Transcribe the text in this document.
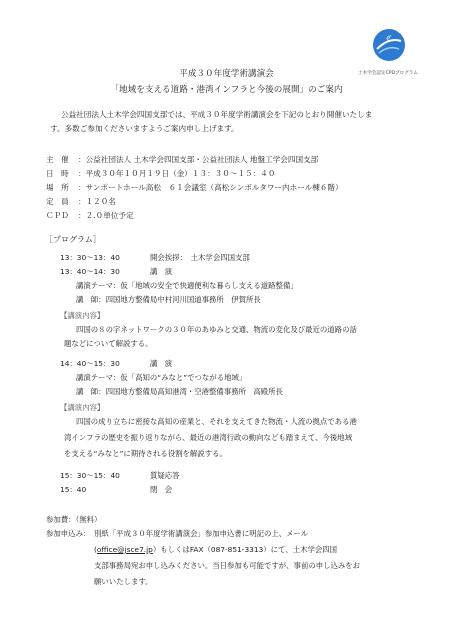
ℭ
土木学会認定CPDプログラム
平成３０年度学術講演会
「地域を支える道路・港湾インフラと今後の展開」のご案内
公益社団法人土木学会四国支部では、平成３０年度学術講演会を下記のとおり開催いたしま
す。多数ご参加くださいますようご案内申し上げます。
主　催 ：公益社団法人 土木学会四国支部・公益社団法人 地盤工学会四国支部
日　時 ：平成３０年１０月１９日（金）１３：３０～１５：４０
場　所 ：サンポートホール高松　６１会議室（高松シンボルタワー内ホール棟６階）
定　員 ：１２０名
ＣＰＤ ：２.０単位予定
［プログラム］
13：30～13：40	開会挨拶：　土木学会四国支部
13：40～14：30	講　演
講演テーマ：仮「地域の安全で快適便利な暮らし支える道路整備」
講　師：四国地方整備局中村河川国道事務所　伊賀所長
【講演内容】
四国の８の字ネットワークの３０年のあゆみと交通、物流の変化及び最近の道路の話
題などについて解説する。
14：40～15：30	講　演
講演テーマ：仮「高知の“みなと”でつながる地域」
講　師：四国地方整備局高知港湾・空港整備事務所　高殿所長
【講演内容】
四国の成り立ちに密接な高知の産業と、それを支えてきた物流・人流の拠点である港
湾インフラの歴史を振り返りながら、最近の港湾行政の動向なども踏まえて、今後地域
を支える“みなと”に期待される役割を解説する。
15：30～15：40	質疑応答
15：40	閉　会
参加費：（無料）
参加申込み： 別紙「平成３０年度学術講演会」参加申込書に明記の上、メール
(office@jsce7.jp）もしくはFAX（087-851-3313）にて、土木学会四国
支部事務局宛お申し込みください。当日参加も可能ですが、事前の申し込みをお
願いいたします。
